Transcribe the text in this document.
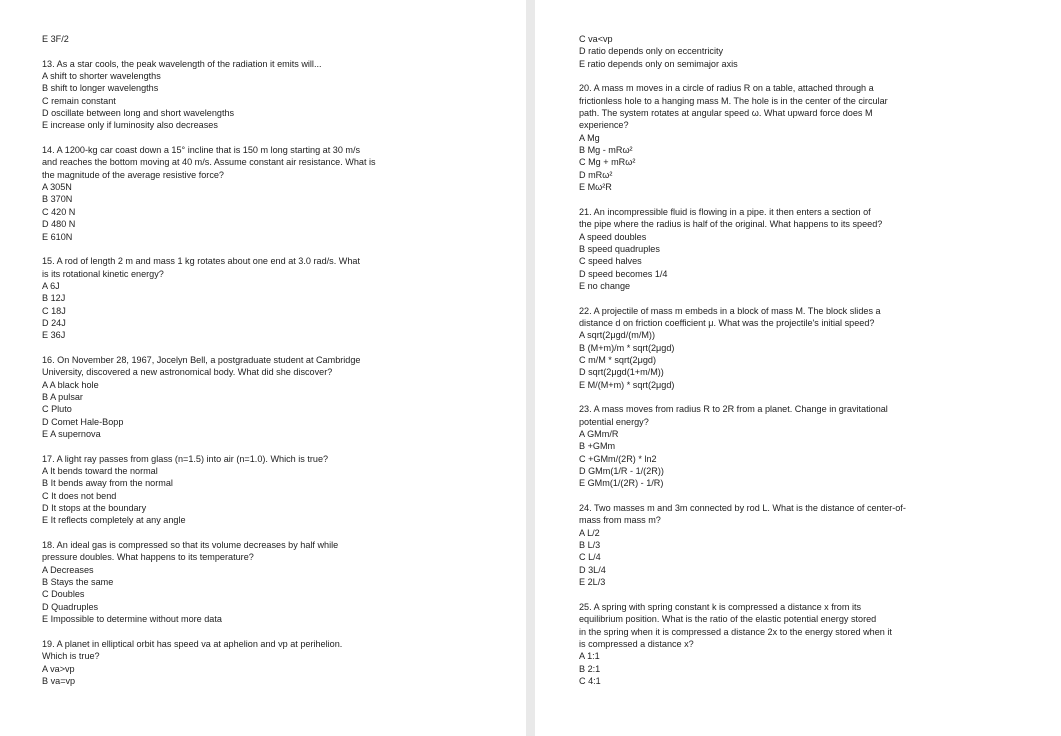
E 3F/2
13. As a star cools, the peak wavelength of the radiation it emits will...
A shift to shorter wavelengths
B shift to longer wavelengths
C remain constant
D oscillate between long and short wavelengths
E increase only if luminosity also decreases
14. A 1200-kg car coast down a 15° incline that is 150 m long starting at 30 m/s
and reaches the bottom moving at 40 m/s. Assume constant air resistance. What is
the magnitude of the average resistive force?
A 305N
B 370N
C 420 N
D 480 N
E 610N
15. A rod of length 2 m and mass 1 kg rotates about one end at 3.0 rad/s. What
is its rotational kinetic energy?
A 6J
B 12J
C 18J
D 24J
E 36J
16. On November 28, 1967, Jocelyn Bell, a postgraduate student at Cambridge
University, discovered a new astronomical body. What did she discover?
A A black hole
B A pulsar
C Pluto
D Comet Hale-Bopp
E A supernova
17. A light ray passes from glass (n=1.5) into air (n=1.0). Which is true?
A It bends toward the normal
B It bends away from the normal
C It does not bend
D It stops at the boundary
E It reflects completely at any angle
18. An ideal gas is compressed so that its volume decreases by half while
pressure doubles. What happens to its temperature?
A Decreases
B Stays the same
C Doubles
D Quadruples
E Impossible to determine without more data
19. A planet in elliptical orbit has speed va at aphelion and vp at perihelion.
Which is true?
A va>vp
B va=vp
C va<vp
D ratio depends only on eccentricity
E ratio depends only on semimajor axis
20. A mass m moves in a circle of radius R on a table, attached through a
frictionless hole to a hanging mass M. The hole is in the center of the circular
path. The system rotates at angular speed ω. What upward force does M
experience?
A Mg
B Mg - mRω²
C Mg + mRω²
D mRω²
E Mω²R
21. An incompressible fluid is flowing in a pipe. it then enters a section of
the pipe where the radius is half of the original. What happens to its speed?
A speed doubles
B speed quadruples
C speed halves
D speed becomes 1/4
E no change
22. A projectile of mass m embeds in a block of mass M. The block slides a
distance d on friction coefficient μ. What was the projectile's initial speed?
A sqrt(2μgd/(m/M))
B (M+m)/m * sqrt(2μgd)
C m/M * sqrt(2μgd)
D sqrt(2μgd(1+m/M))
E M/(M+m) * sqrt(2μgd)
23. A mass moves from radius R to 2R from a planet. Change in gravitational
potential energy?
A GMm/R
B +GMm
C +GMm/(2R) * ln2
D GMm(1/R - 1/(2R))
E GMm(1/(2R) - 1/R)
24. Two masses m and 3m connected by rod L. What is the distance of center-of-
mass from mass m?
A L/2
B L/3
C L/4
D 3L/4
E 2L/3
25. A spring with spring constant k is compressed a distance x from its
equilibrium position. What is the ratio of the elastic potential energy stored
in the spring when it is compressed a distance 2x to the energy stored when it
is compressed a distance x?
A 1:1
B 2:1
C 4:1
